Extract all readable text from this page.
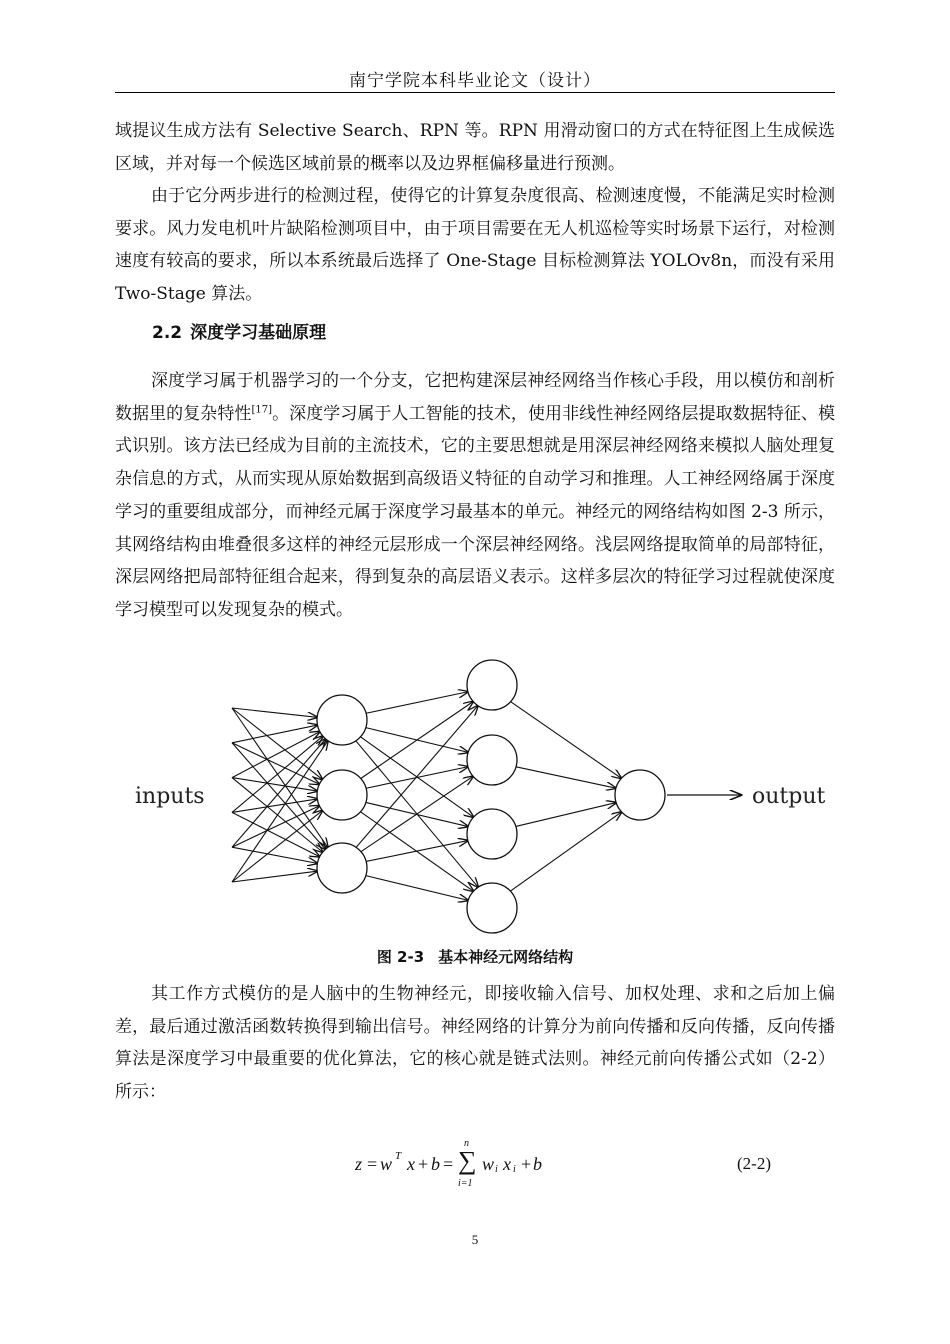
南宁学院本科毕业论文（设计）

域提议生成方法有 Selective Search、RPN 等。RPN 用滑动窗口的方式在特征图上生成候选区域，并对每一个候选区域前景的概率以及边界框偏移量进行预测。

由于它分两步进行的检测过程，使得它的计算复杂度很高、检测速度慢，不能满足实时检测要求。风力发电机叶片缺陷检测项目中，由于项目需要在无人机巡检等实时场景下运行，对检测速度有较高的要求，所以本系统最后选择了 One-Stage 目标检测算法 YOLOv8n，而没有采用 Two-Stage 算法。

2.2 深度学习基础原理

深度学习属于机器学习的一个分支，它把构建深层神经网络当作核心手段，用以模仿和剖析数据里的复杂特性[17]。深度学习属于人工智能的技术，使用非线性神经网络层提取数据特征、模式识别。该方法已经成为目前的主流技术，它的主要思想就是用深层神经网络来模拟人脑处理复杂信息的方式，从而实现从原始数据到高级语义特征的自动学习和推理。人工神经网络属于深度学习的重要组成部分，而神经元属于深度学习最基本的单元。神经元的网络结构如图 2-3 所示，其网络结构由堆叠很多这样的神经元层形成一个深层神经网络。浅层网络提取简单的局部特征，深层网络把局部特征组合起来，得到复杂的高层语义表示。这样多层次的特征学习过程就使深度学习模型可以发现复杂的模式。

inputs	output
图 2-3 基本神经元网络结构

其工作方式模仿的是人脑中的生物神经元，即接收输入信号、加权处理、求和之后加上偏差，最后通过激活函数转换得到输出信号。神经网络的计算分为前向传播和反向传播，反向传播算法是深度学习中最重要的优化算法，它的核心就是链式法则。神经元前向传播公式如（2-2）所示：

z = w T x + b = ∑
n
i=1
w i x i + b	(2-2)
5
